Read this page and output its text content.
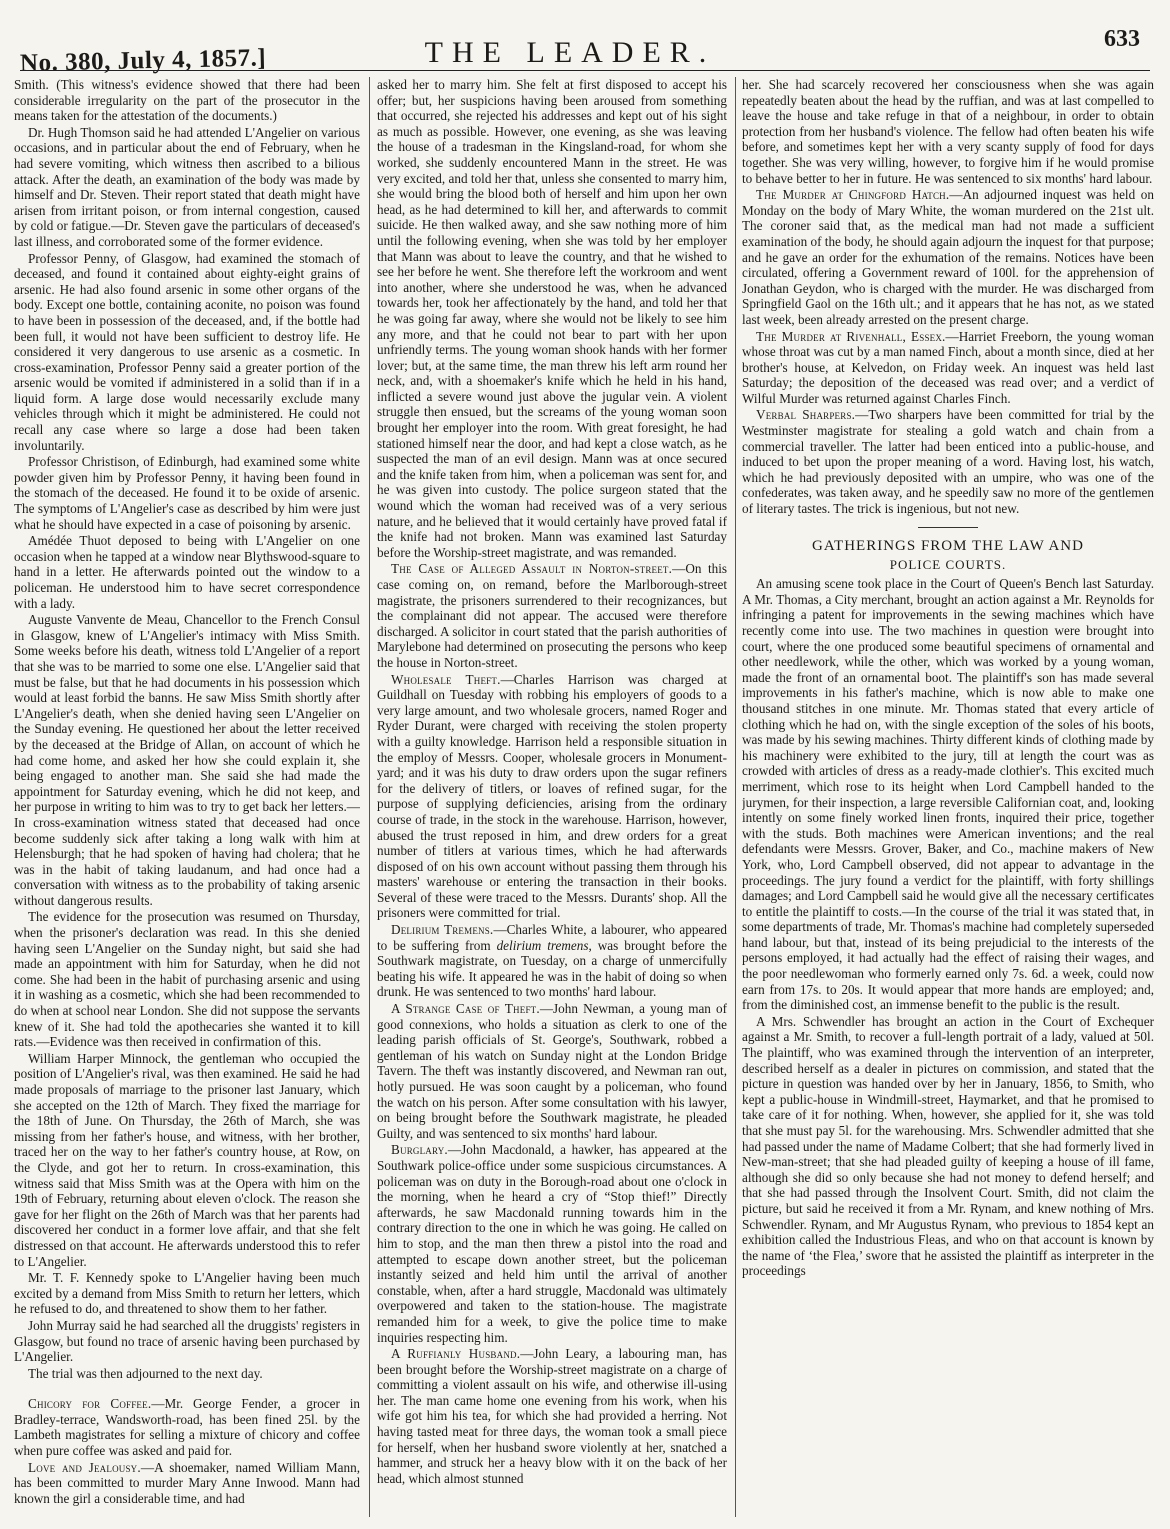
No. 380, July 4, 1857.]	THE LEADER.	633

Smith. (This witness's evidence showed that there had been considerable irregularity on the part of the prosecutor in the means taken for the attestation of the documents.)

Dr. Hugh Thomson said he had attended L'Angelier on various occasions, and in particular about the end of February, when he had severe vomiting, which witness then ascribed to a bilious attack. After the death, an examination of the body was made by himself and Dr. Steven. Their report stated that death might have arisen from irritant poison, or from internal congestion, caused by cold or fatigue.—Dr. Steven gave the particulars of deceased's last illness, and corroborated some of the former evidence.

Professor Penny, of Glasgow, had examined the stomach of deceased, and found it contained about eighty-eight grains of arsenic. He had also found arsenic in some other organs of the body. Except one bottle, containing aconite, no poison was found to have been in possession of the deceased, and, if the bottle had been full, it would not have been sufficient to destroy life. He considered it very dangerous to use arsenic as a cosmetic. In cross-examination, Professor Penny said a greater portion of the arsenic would be vomited if administered in a solid than if in a liquid form. A large dose would necessarily exclude many vehicles through which it might be administered. He could not recall any case where so large a dose had been taken involuntarily.

Professor Christison, of Edinburgh, had examined some white powder given him by Professor Penny, it having been found in the stomach of the deceased. He found it to be oxide of arsenic. The symptoms of L'Angelier's case as described by him were just what he should have expected in a case of poisoning by arsenic.

Amédée Thuot deposed to being with L'Angelier on one occasion when he tapped at a window near Blythswood-square to hand in a letter. He afterwards pointed out the window to a policeman. He understood him to have secret correspondence with a lady.

Auguste Vanvente de Meau, Chancellor to the French Consul in Glasgow, knew of L'Angelier's intimacy with Miss Smith. Some weeks before his death, witness told L'Angelier of a report that she was to be married to some one else. L'Angelier said that must be false, but that he had documents in his possession which would at least forbid the banns. He saw Miss Smith shortly after L'Angelier's death, when she denied having seen L'Angelier on the Sunday evening. He questioned her about the letter received by the deceased at the Bridge of Allan, on account of which he had come home, and asked her how she could explain it, she being engaged to another man. She said she had made the appointment for Saturday evening, which he did not keep, and her purpose in writing to him was to try to get back her letters.—In cross-examination witness stated that deceased had once become suddenly sick after taking a long walk with him at Helensburgh; that he had spoken of having had cholera; that he was in the habit of taking laudanum, and had once had a conversation with witness as to the probability of taking arsenic without dangerous results.

The evidence for the prosecution was resumed on Thursday, when the prisoner's declaration was read. In this she denied having seen L'Angelier on the Sunday night, but said she had made an appointment with him for Saturday, when he did not come. She had been in the habit of purchasing arsenic and using it in washing as a cosmetic, which she had been recommended to do when at school near London. She did not suppose the servants knew of it. She had told the apothecaries she wanted it to kill rats.—Evidence was then received in confirmation of this.

William Harper Minnock, the gentleman who occupied the position of L'Angelier's rival, was then examined. He said he had made proposals of marriage to the prisoner last January, which she accepted on the 12th of March. They fixed the marriage for the 18th of June. On Thursday, the 26th of March, she was missing from her father's house, and witness, with her brother, traced her on the way to her father's country house, at Row, on the Clyde, and got her to return. In cross-examination, this witness said that Miss Smith was at the Opera with him on the 19th of February, returning about eleven o'clock. The reason she gave for her flight on the 26th of March was that her parents had discovered her conduct in a former love affair, and that she felt distressed on that account. He afterwards understood this to refer to L'Angelier.

Mr. T. F. Kennedy spoke to L'Angelier having been much excited by a demand from Miss Smith to return her letters, which he refused to do, and threatened to show them to her father.

John Murray said he had searched all the druggists' registers in Glasgow, but found no trace of arsenic having been purchased by L'Angelier.

The trial was then adjourned to the next day.

Chicory for Coffee.—Mr. George Fender, a grocer in Bradley-terrace, Wandsworth-road, has been fined 25l. by the Lambeth magistrates for selling a mixture of chicory and coffee when pure coffee was asked and paid for.

Love and Jealousy.—A shoemaker, named William Mann, has been committed to murder Mary Anne Inwood. Mann had known the girl a considerable time, and had

asked her to marry him. She felt at first disposed to accept his offer; but, her suspicions having been aroused from something that occurred, she rejected his addresses and kept out of his sight as much as possible. However, one evening, as she was leaving the house of a tradesman in the Kingsland-road, for whom she worked, she suddenly encountered Mann in the street. He was very excited, and told her that, unless she consented to marry him, she would bring the blood both of herself and him upon her own head, as he had determined to kill her, and afterwards to commit suicide. He then walked away, and she saw nothing more of him until the following evening, when she was told by her employer that Mann was about to leave the country, and that he wished to see her before he went. She therefore left the workroom and went into another, where she understood he was, when he advanced towards her, took her affectionately by the hand, and told her that he was going far away, where she would not be likely to see him any more, and that he could not bear to part with her upon unfriendly terms. The young woman shook hands with her former lover; but, at the same time, the man threw his left arm round her neck, and, with a shoemaker's knife which he held in his hand, inflicted a severe wound just above the jugular vein. A violent struggle then ensued, but the screams of the young woman soon brought her employer into the room. With great foresight, he had stationed himself near the door, and had kept a close watch, as he suspected the man of an evil design. Mann was at once secured and the knife taken from him, when a policeman was sent for, and he was given into custody. The police surgeon stated that the wound which the woman had received was of a very serious nature, and he believed that it would certainly have proved fatal if the knife had not broken. Mann was examined last Saturday before the Worship-street magistrate, and was remanded.

The Case of Alleged Assault in Norton-street.—On this case coming on, on remand, before the Marlborough-street magistrate, the prisoners surrendered to their recognizances, but the complainant did not appear. The accused were therefore discharged. A solicitor in court stated that the parish authorities of Marylebone had determined on prosecuting the persons who keep the house in Norton-street.

Wholesale Theft.—Charles Harrison was charged at Guildhall on Tuesday with robbing his employers of goods to a very large amount, and two wholesale grocers, named Roger and Ryder Durant, were charged with receiving the stolen property with a guilty knowledge. Harrison held a responsible situation in the employ of Messrs. Cooper, wholesale grocers in Monument-yard; and it was his duty to draw orders upon the sugar refiners for the delivery of titlers, or loaves of refined sugar, for the purpose of supplying deficiencies, arising from the ordinary course of trade, in the stock in the warehouse. Harrison, however, abused the trust reposed in him, and drew orders for a great number of titlers at various times, which he had afterwards disposed of on his own account without passing them through his masters' warehouse or entering the transaction in their books. Several of these were traced to the Messrs. Durants' shop. All the prisoners were committed for trial.

Delirium Tremens.—Charles White, a labourer, who appeared to be suffering from delirium tremens, was brought before the Southwark magistrate, on Tuesday, on a charge of unmercifully beating his wife. It appeared he was in the habit of doing so when drunk. He was sentenced to two months' hard labour.

A Strange Case of Theft.—John Newman, a young man of good connexions, who holds a situation as clerk to one of the leading parish officials of St. George's, Southwark, robbed a gentleman of his watch on Sunday night at the London Bridge Tavern. The theft was instantly discovered, and Newman ran out, hotly pursued. He was soon caught by a policeman, who found the watch on his person. After some consultation with his lawyer, on being brought before the Southwark magistrate, he pleaded Guilty, and was sentenced to six months' hard labour.

Burglary.—John Macdonald, a hawker, has appeared at the Southwark police-office under some suspicious circumstances. A policeman was on duty in the Borough-road about one o'clock in the morning, when he heard a cry of “Stop thief!” Directly afterwards, he saw Macdonald running towards him in the contrary direction to the one in which he was going. He called on him to stop, and the man then threw a pistol into the road and attempted to escape down another street, but the policeman instantly seized and held him until the arrival of another constable, when, after a hard struggle, Macdonald was ultimately overpowered and taken to the station-house. The magistrate remanded him for a week, to give the police time to make inquiries respecting him.

A Ruffianly Husband.—John Leary, a labouring man, has been brought before the Worship-street magistrate on a charge of committing a violent assault on his wife, and otherwise ill-using her. The man came home one evening from his work, when his wife got him his tea, for which she had provided a herring. Not having tasted meat for three days, the woman took a small piece for herself, when her husband swore violently at her, snatched a hammer, and struck her a heavy blow with it on the back of her head, which almost stunned

her. She had scarcely recovered her consciousness when she was again repeatedly beaten about the head by the ruffian, and was at last compelled to leave the house and take refuge in that of a neighbour, in order to obtain protection from her husband's violence. The fellow had often beaten his wife before, and sometimes kept her with a very scanty supply of food for days together. She was very willing, however, to forgive him if he would promise to behave better to her in future. He was sentenced to six months' hard labour.

The Murder at Chingford Hatch.—An adjourned inquest was held on Monday on the body of Mary White, the woman murdered on the 21st ult. The coroner said that, as the medical man had not made a sufficient examination of the body, he should again adjourn the inquest for that purpose; and he gave an order for the exhumation of the remains. Notices have been circulated, offering a Government reward of 100l. for the apprehension of Jonathan Geydon, who is charged with the murder. He was discharged from Springfield Gaol on the 16th ult.; and it appears that he has not, as we stated last week, been already arrested on the present charge.

The Murder at Rivenhall, Essex.—Harriet Freeborn, the young woman whose throat was cut by a man named Finch, about a month since, died at her brother's house, at Kelvedon, on Friday week. An inquest was held last Saturday; the deposition of the deceased was read over; and a verdict of Wilful Murder was returned against Charles Finch.

Verbal Sharpers.—Two sharpers have been committed for trial by the Westminster magistrate for stealing a gold watch and chain from a commercial traveller. The latter had been enticed into a public-house, and induced to bet upon the proper meaning of a word. Having lost, his watch, which he had previously deposited with an umpire, who was one of the confederates, was taken away, and he speedily saw no more of the gentlemen of literary tastes. The trick is ingenious, but not new.

GATHERINGS FROM THE LAW AND
POLICE COURTS.

An amusing scene took place in the Court of Queen's Bench last Saturday. A Mr. Thomas, a City merchant, brought an action against a Mr. Reynolds for infringing a patent for improvements in the sewing machines which have recently come into use. The two machines in question were brought into court, where the one produced some beautiful specimens of ornamental and other needlework, while the other, which was worked by a young woman, made the front of an ornamental boot. The plaintiff's son has made several improvements in his father's machine, which is now able to make one thousand stitches in one minute. Mr. Thomas stated that every article of clothing which he had on, with the single exception of the soles of his boots, was made by his sewing machines. Thirty different kinds of clothing made by his machinery were exhibited to the jury, till at length the court was as crowded with articles of dress as a ready-made clothier's. This excited much merriment, which rose to its height when Lord Campbell handed to the jurymen, for their inspection, a large reversible Californian coat, and, looking intently on some finely worked linen fronts, inquired their price, together with the studs. Both machines were American inventions; and the real defendants were Messrs. Grover, Baker, and Co., machine makers of New York, who, Lord Campbell observed, did not appear to advantage in the proceedings. The jury found a verdict for the plaintiff, with forty shillings damages; and Lord Campbell said he would give all the necessary certificates to entitle the plaintiff to costs.—In the course of the trial it was stated that, in some departments of trade, Mr. Thomas's machine had completely superseded hand labour, but that, instead of its being prejudicial to the interests of the persons employed, it had actually had the effect of raising their wages, and the poor needlewoman who formerly earned only 7s. 6d. a week, could now earn from 17s. to 20s. It would appear that more hands are employed; and, from the diminished cost, an immense benefit to the public is the result.

A Mrs. Schwendler has brought an action in the Court of Exchequer against a Mr. Smith, to recover a full-length portrait of a lady, valued at 50l. The plaintiff, who was examined through the intervention of an interpreter, described herself as a dealer in pictures on commission, and stated that the picture in question was handed over by her in January, 1856, to Smith, who kept a public-house in Windmill-street, Haymarket, and that he promised to take care of it for nothing. When, however, she applied for it, she was told that she must pay 5l. for the warehousing. Mrs. Schwendler admitted that she had passed under the name of Madame Colbert; that she had formerly lived in New-man-street; that she had pleaded guilty of keeping a house of ill fame, although she did so only because she had not money to defend herself; and that she had passed through the Insolvent Court. Smith, did not claim the picture, but said he received it from a Mr. Rynam, and knew nothing of Mrs. Schwendler. Rynam, and Mr Augustus Rynam, who previous to 1854 kept an exhibition called the Industrious Fleas, and who on that account is known by the name of ‘the Flea,’ swore that he assisted the plaintiff as interpreter in the proceedings
